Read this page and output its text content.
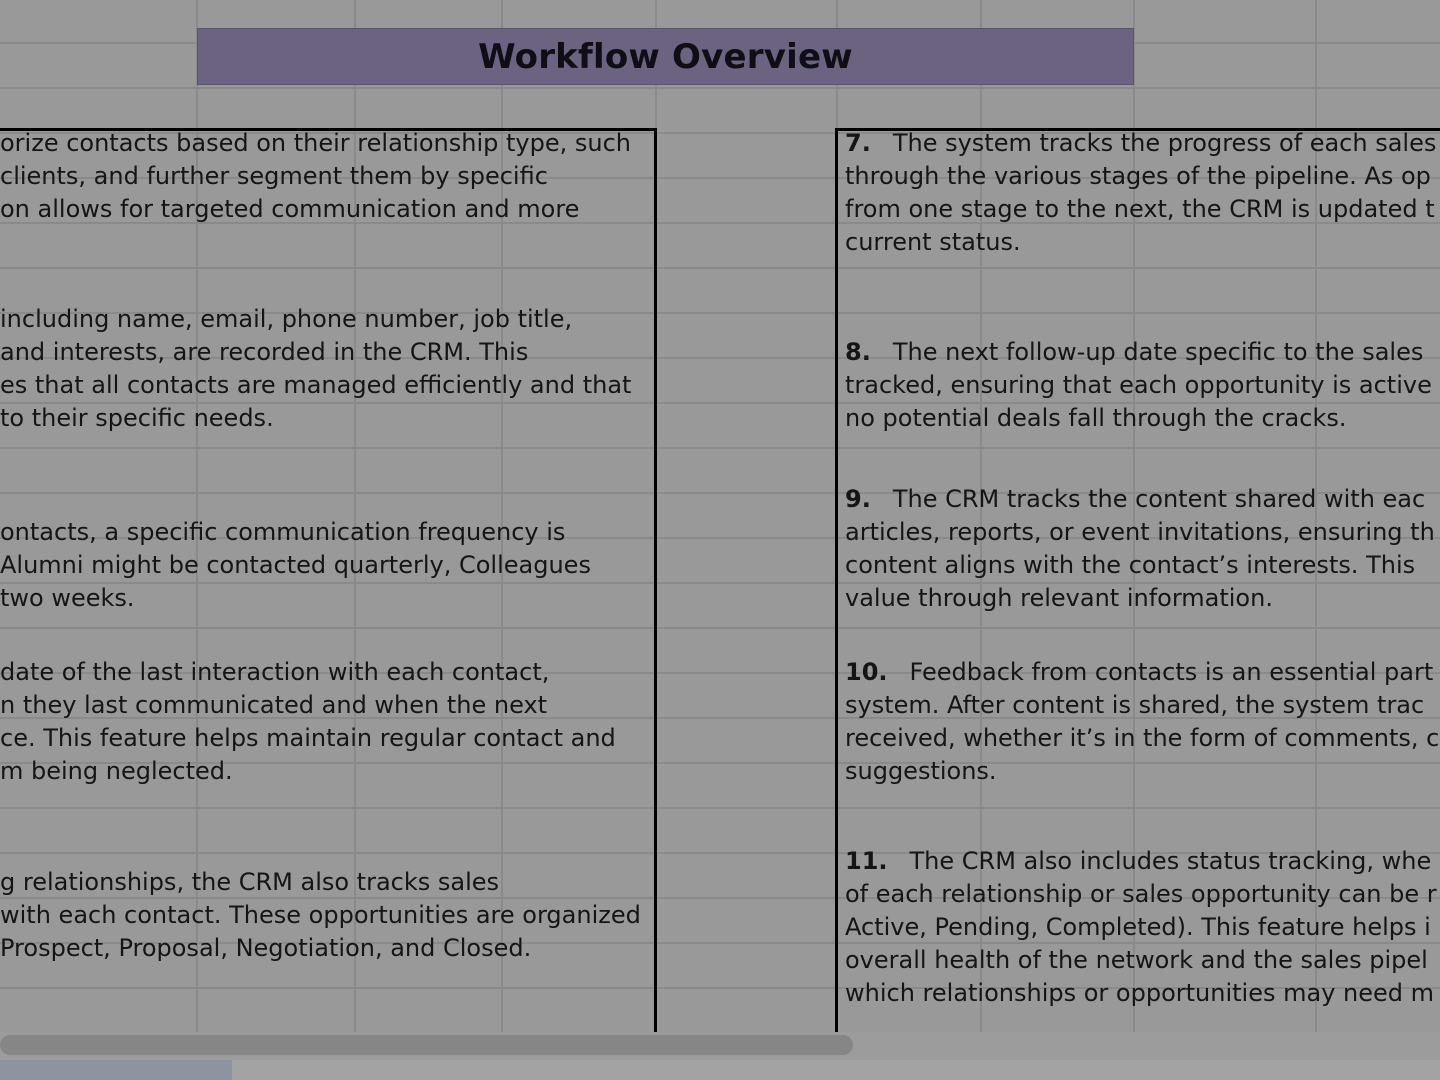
Workflow Overview

orize contacts based on their relationship type, such
clients, and further segment them by specific
on allows for targeted communication and more

including name, email, phone number, job title,
and interests, are recorded in the CRM. This
es that all contacts are managed efficiently and that
to their specific needs.

ontacts, a specific communication frequency is
Alumni might be contacted quarterly, Colleagues
two weeks.

date of the last interaction with each contact,
n they last communicated and when the next
ce. This feature helps maintain regular contact and
m being neglected.

g relationships, the CRM also tracks sales
with each contact. These opportunities are organized
Prospect, Proposal, Negotiation, and Closed.

7. The system tracks the progress of each sales
through the various stages of the pipeline. As op
from one stage to the next, the CRM is updated t
current status.

8. The next follow-up date specific to the sales
tracked, ensuring that each opportunity is active
no potential deals fall through the cracks.

9. The CRM tracks the content shared with eac
articles, reports, or event invitations, ensuring th
content aligns with the contact’s interests. This
value through relevant information.

10. Feedback from contacts is an essential part
system. After content is shared, the system trac
received, whether it’s in the form of comments, c
suggestions.

11. The CRM also includes status tracking, whe
of each relationship or sales opportunity can be r
Active, Pending, Completed). This feature helps i
overall health of the network and the sales pipel
which relationships or opportunities may need m
